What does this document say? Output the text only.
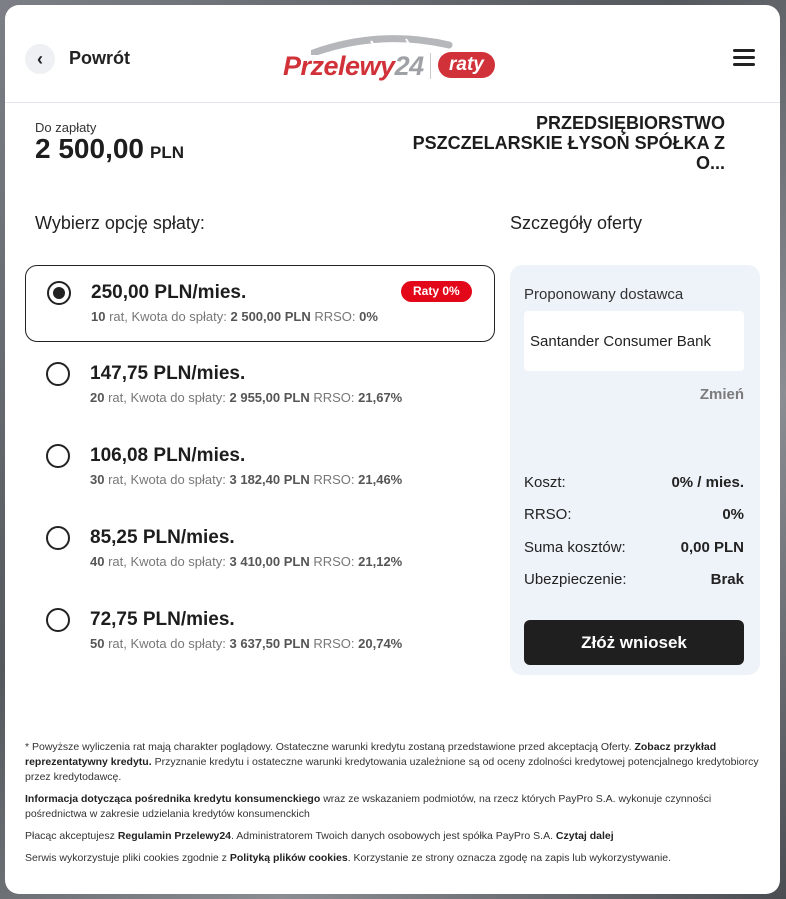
‹ Powrót	Przelewy24	raty
Do zapłaty
2 500,00 PLN
PRZEDSIĘBIORSTWO PSZCZELARSKIE ŁYSOŃ SPÓŁKA Z O...
Wybierz opcję spłaty:	Szczegóły oferty
250,00 PLN/mies.
10 rat, Kwota do spłaty: 2 500,00 PLN RRSO: 0%
Raty 0%
147,75 PLN/mies.
20 rat, Kwota do spłaty: 2 955,00 PLN RRSO: 21,67%
106,08 PLN/mies.
30 rat, Kwota do spłaty: 3 182,40 PLN RRSO: 21,46%
85,25 PLN/mies.
40 rat, Kwota do spłaty: 3 410,00 PLN RRSO: 21,12%
72,75 PLN/mies.
50 rat, Kwota do spłaty: 3 637,50 PLN RRSO: 20,74%
Proponowany dostawca
Santander Consumer Bank
Zmień
Koszt:	0% / mies.
RRSO:	0%
Suma kosztów:	0,00 PLN
Ubezpieczenie:	Brak
Złóż wniosek

* Powyższe wyliczenia rat mają charakter poglądowy. Ostateczne warunki kredytu zostaną przedstawione przed akceptacją Oferty. Zobacz przykład reprezentatywny kredytu. Przyznanie kredytu i ostateczne warunki kredytowania uzależnione są od oceny zdolności kredytowej potencjalnego kredytobiorcy przez kredytodawcę.

Informacja dotycząca pośrednika kredytu konsumenckiego wraz ze wskazaniem podmiotów, na rzecz których PayPro S.A. wykonuje czynności pośrednictwa w zakresie udzielania kredytów konsumenckich

Płacąc akceptujesz Regulamin Przelewy24. Administratorem Twoich danych osobowych jest spółka PayPro S.A. Czytaj dalej

Serwis wykorzystuje pliki cookies zgodnie z Polityką plików cookies. Korzystanie ze strony oznacza zgodę na zapis lub wykorzystywanie.
